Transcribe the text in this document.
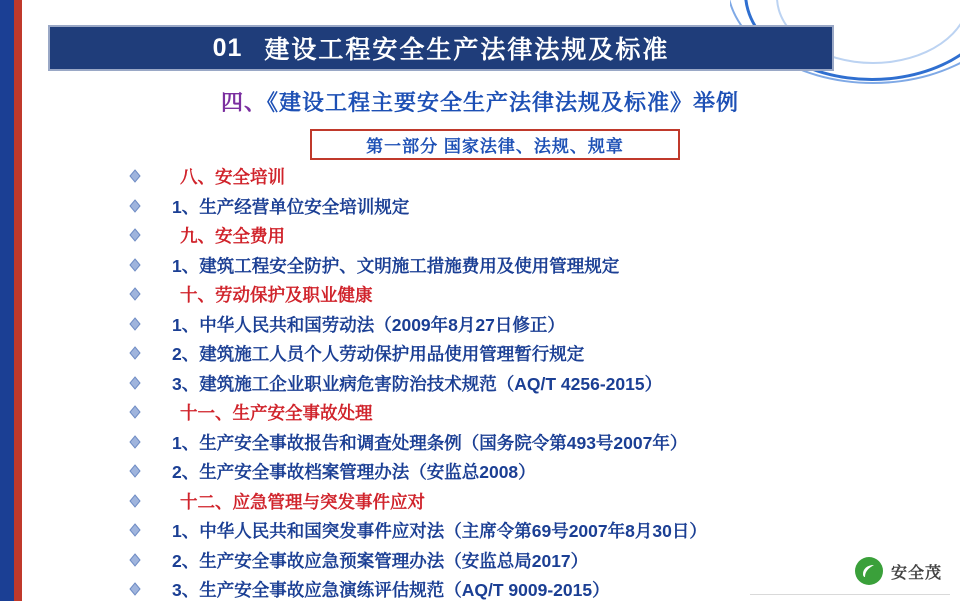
01 建设工程安全生产法律法规及标准
四、《建设工程主要安全生产法律法规及标准》举例
第一部分 国家法律、法规、规章
八、安全培训
1、生产经营单位安全培训规定
九、安全费用
1、建筑工程安全防护、文明施工措施费用及使用管理规定
十、劳动保护及职业健康
1、中华人民共和国劳动法（2009年8月27日修正）
2、建筑施工人员个人劳动保护用品使用管理暂行规定
3、建筑施工企业职业病危害防治技术规范（AQ/T 4256-2015）
十一、生产安全事故处理
1、生产安全事故报告和调查处理条例（国务院令第493号2007年）
2、生产安全事故档案管理办法（安监总2008）
十二、应急管理与突发事件应对
1、中华人民共和国突发事件应对法（主席令第69号2007年8月30日）
2、生产安全事故应急预案管理办法（安监总局2017）
3、生产安全事故应急演练评估规范（AQ/T 9009-2015）
安全茂
